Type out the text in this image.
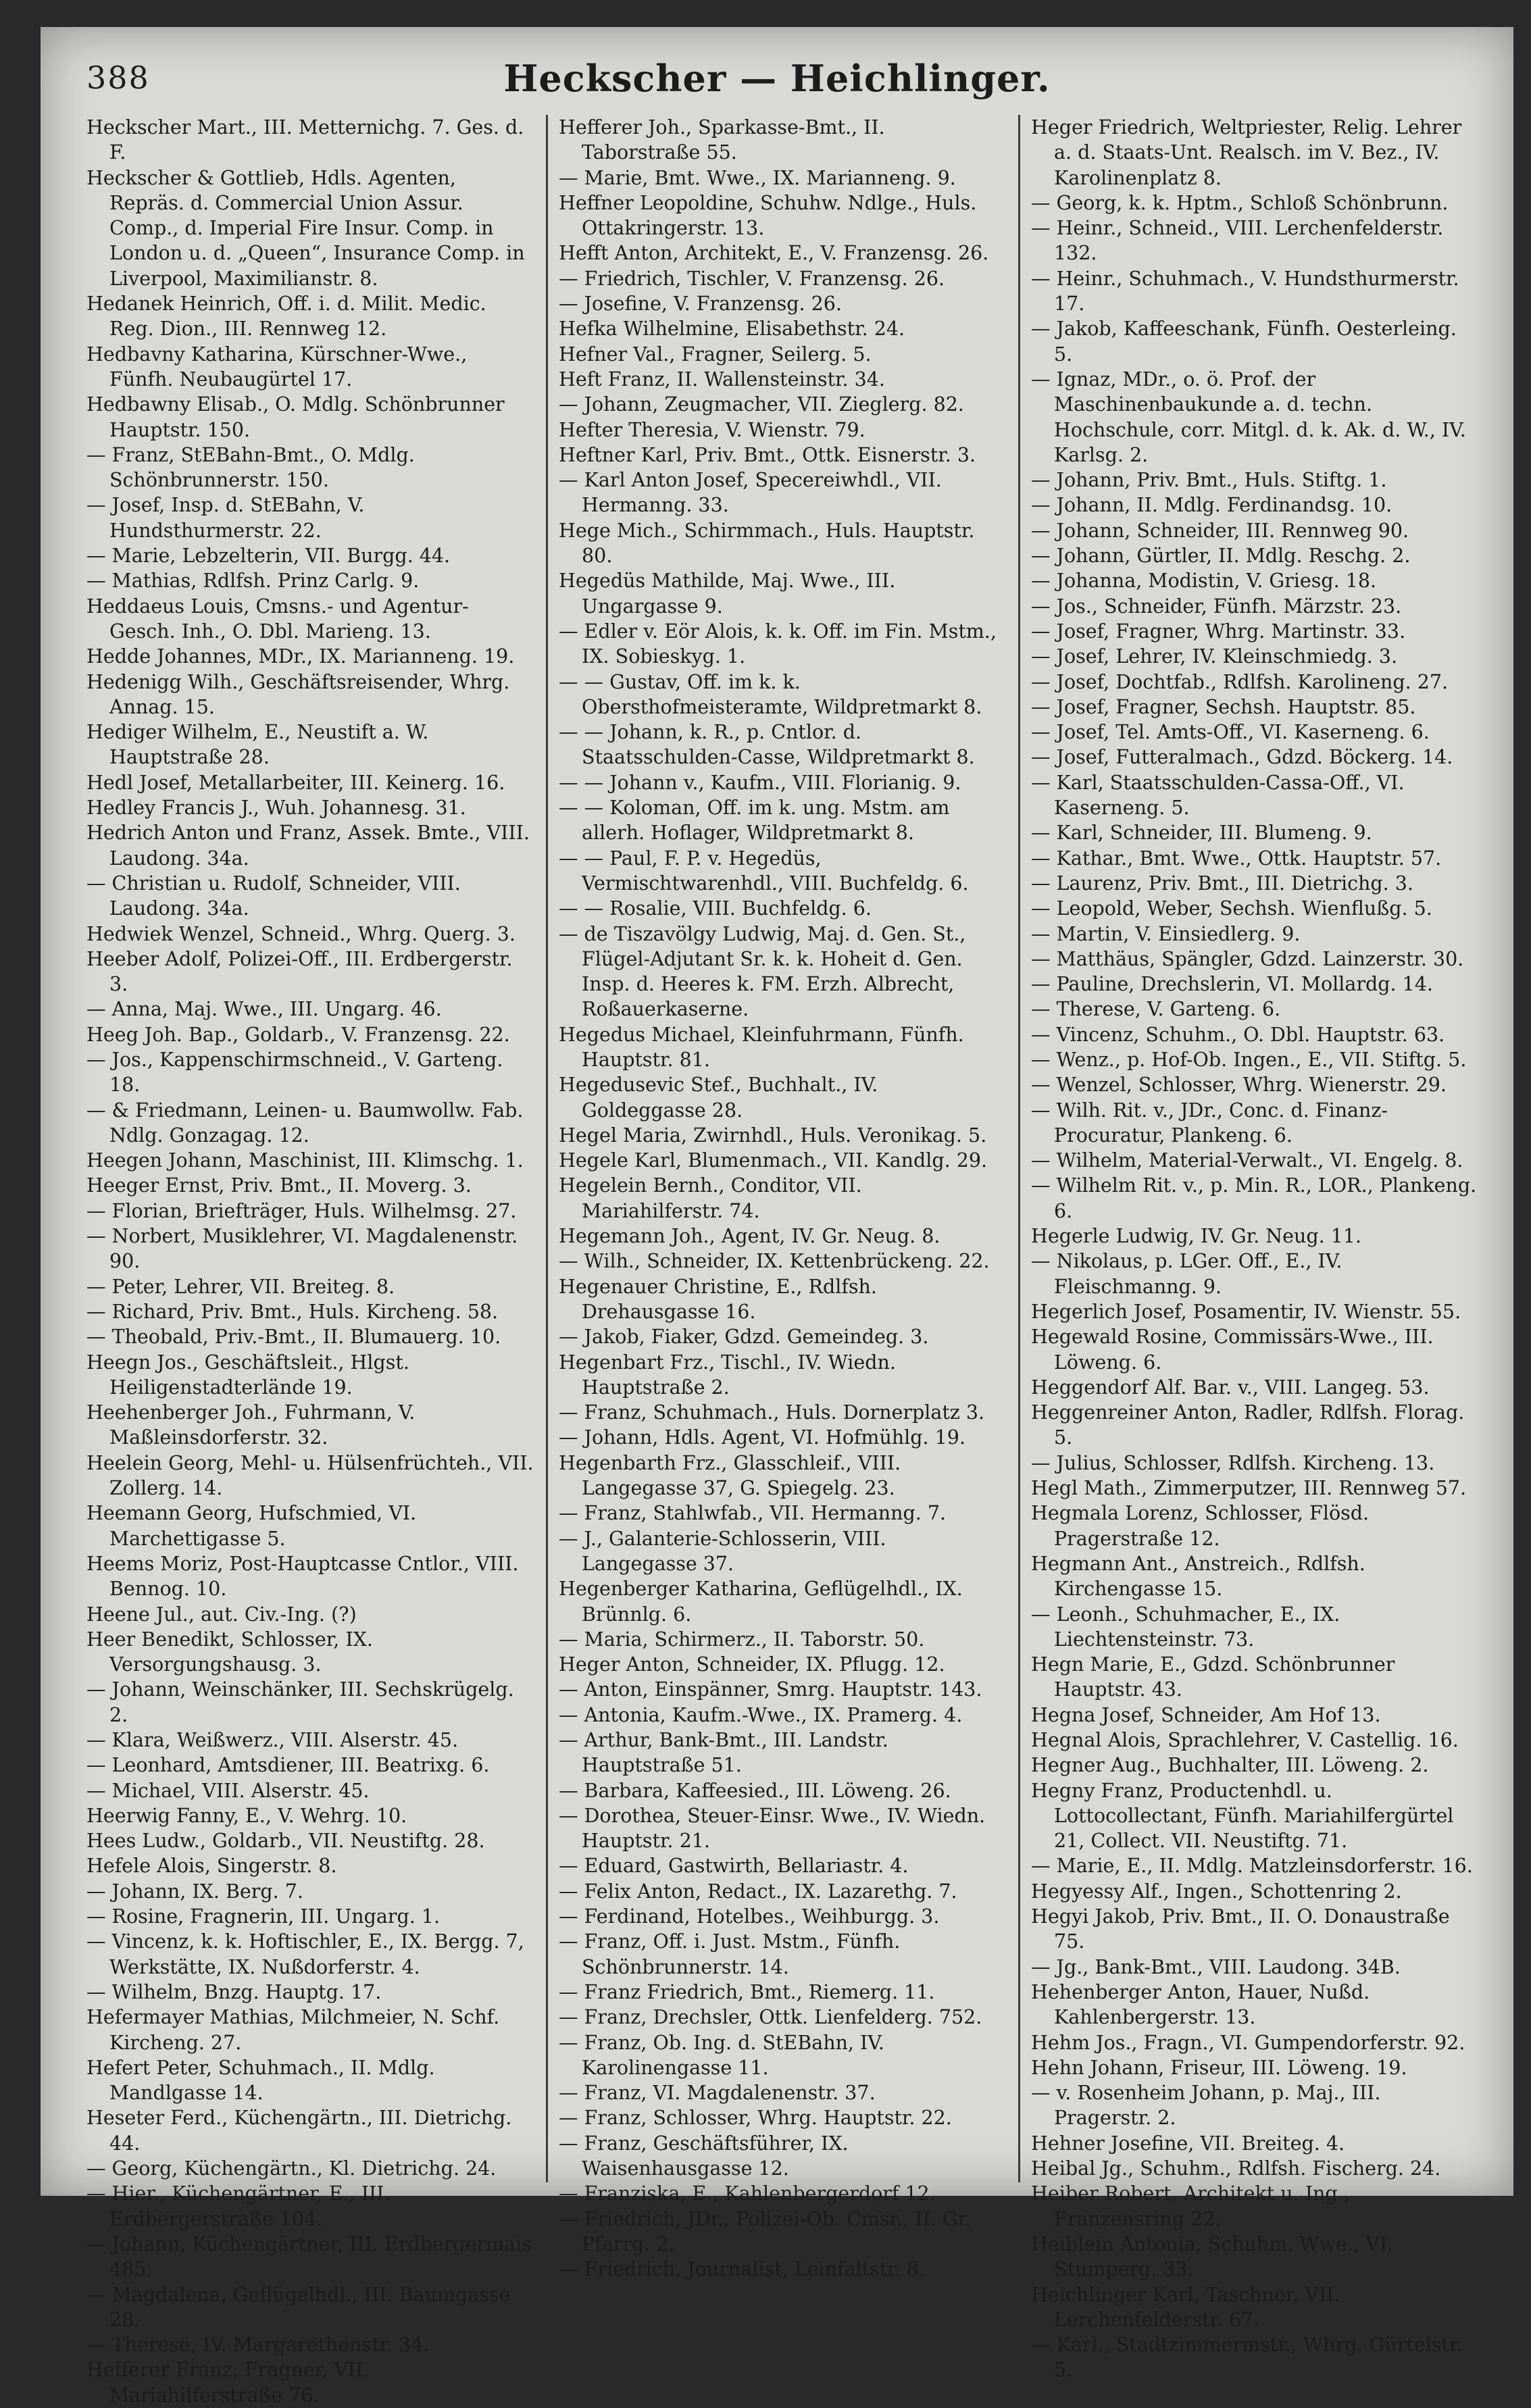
388	Heckscher — Heichlinger.

Heckscher Mart., III. Metternichg. 7. Ges. d. F.

Heckscher & Gottlieb, Hdls. Agenten, Repräs. d. Commercial Union Assur. Comp., d. Imperial Fire Insur. Comp. in London u. d. „Queen“, Insurance Comp. in Liverpool, Maximilianstr. 8.

Hedanek Heinrich, Off. i. d. Milit. Medic. Reg. Dion., III. Rennweg 12.

Hedbavny Katharina, Kürschner-Wwe., Fünfh. Neubaugürtel 17.

Hedbawny Elisab., O. Mdlg. Schönbrunner Hauptstr. 150.

— Franz, StEBahn-Bmt., O. Mdlg. Schönbrunnerstr. 150.

— Josef, Insp. d. StEBahn, V. Hundsthurmerstr. 22.

— Marie, Lebzelterin, VII. Burgg. 44.

— Mathias, Rdlfsh. Prinz Carlg. 9.

Heddaeus Louis, Cmsns.- und Agentur-Gesch. Inh., O. Dbl. Marieng. 13.

Hedde Johannes, MDr., IX. Marianneng. 19.

Hedenigg Wilh., Geschäftsreisender, Whrg. Annag. 15.

Hediger Wilhelm, E., Neustift a. W. Hauptstraße 28.

Hedl Josef, Metallarbeiter, III. Keinerg. 16.

Hedley Francis J., Wuh. Johannesg. 31.

Hedrich Anton und Franz, Assek. Bmte., VIII. Laudong. 34a.

— Christian u. Rudolf, Schneider, VIII. Laudong. 34a.

Hedwiek Wenzel, Schneid., Whrg. Querg. 3.

Heeber Adolf, Polizei-Off., III. Erdbergerstr. 3.

— Anna, Maj. Wwe., III. Ungarg. 46.

Heeg Joh. Bap., Goldarb., V. Franzensg. 22.

— Jos., Kappenschirmschneid., V. Garteng. 18.

— & Friedmann, Leinen- u. Baumwollw. Fab. Ndlg. Gonzagag. 12.

Heegen Johann, Maschinist, III. Klimschg. 1.

Heeger Ernst, Priv. Bmt., II. Moverg. 3.

— Florian, Briefträger, Huls. Wilhelmsg. 27.

— Norbert, Musiklehrer, VI. Magdalenenstr. 90.

— Peter, Lehrer, VII. Breiteg. 8.

— Richard, Priv. Bmt., Huls. Kircheng. 58.

— Theobald, Priv.-Bmt., II. Blumauerg. 10.

Heegn Jos., Geschäftsleit., Hlgst. Heiligenstadterlände 19.

Heehenberger Joh., Fuhrmann, V. Maßleinsdorferstr. 32.

Heelein Georg, Mehl- u. Hülsenfrüchteh., VII. Zollerg. 14.

Heemann Georg, Hufschmied, VI. Marchettigasse 5.

Heems Moriz, Post-Hauptcasse Cntlor., VIII. Bennog. 10.

Heene Jul., aut. Civ.-Ing. (?)

Heer Benedikt, Schlosser, IX. Versorgungshausg. 3.

— Johann, Weinschänker, III. Sechskrügelg. 2.

— Klara, Weißwerz., VIII. Alserstr. 45.

— Leonhard, Amtsdiener, III. Beatrixg. 6.

— Michael, VIII. Alserstr. 45.

Heerwig Fanny, E., V. Wehrg. 10.

Hees Ludw., Goldarb., VII. Neustiftg. 28.

Hefele Alois, Singerstr. 8.

— Johann, IX. Berg. 7.

— Rosine, Fragnerin, III. Ungarg. 1.

— Vincenz, k. k. Hoftischler, E., IX. Bergg. 7, Werkstätte, IX. Nußdorferstr. 4.

— Wilhelm, Bnzg. Hauptg. 17.

Hefermayer Mathias, Milchmeier, N. Schf. Kircheng. 27.

Hefert Peter, Schuhmach., II. Mdlg. Mandlgasse 14.

Heseter Ferd., Küchengärtn., III. Dietrichg. 44.

— Georg, Küchengärtn., Kl. Dietrichg. 24.

— Hier., Küchengärtner, E., III. Erdbergerstraße 104.

— Johann, Küchengärtner, III. Erdbergermais 485.

— Magdalena, Geflügelhdl., III. Baumgasse 28.

— Therese, IV. Margarethenstr. 34.

Hefferer Franz, Fragner, VII. Mariahilferstraße 76.

Hefferer Joh., Sparkasse-Bmt., II. Taborstraße 55.

— Marie, Bmt. Wwe., IX. Marianneng. 9.

Heffner Leopoldine, Schuhw. Ndlge., Huls. Ottakringerstr. 13.

Hefft Anton, Architekt, E., V. Franzensg. 26.

— Friedrich, Tischler, V. Franzensg. 26.

— Josefine, V. Franzensg. 26.

Hefka Wilhelmine, Elisabethstr. 24.

Hefner Val., Fragner, Seilerg. 5.

Heft Franz, II. Wallensteinstr. 34.

— Johann, Zeugmacher, VII. Zieglerg. 82.

Hefter Theresia, V. Wienstr. 79.

Heftner Karl, Priv. Bmt., Ottk. Eisnerstr. 3.

— Karl Anton Josef, Specereiwhdl., VII. Hermanng. 33.

Hege Mich., Schirmmach., Huls. Hauptstr. 80.

Hegedüs Mathilde, Maj. Wwe., III. Ungargasse 9.

— Edler v. Eör Alois, k. k. Off. im Fin. Mstm., IX. Sobieskyg. 1.

— — Gustav, Off. im k. k. Obersthofmeisteramte, Wildpretmarkt 8.

— — Johann, k. R., p. Cntlor. d. Staatsschulden-Casse, Wildpretmarkt 8.

— — Johann v., Kaufm., VIII. Florianig. 9.

— — Koloman, Off. im k. ung. Mstm. am allerh. Hoflager, Wildpretmarkt 8.

— — Paul, F. P. v. Hegedüs, Vermischtwarenhdl., VIII. Buchfeldg. 6.

— — Rosalie, VIII. Buchfeldg. 6.

— de Tiszavölgy Ludwig, Maj. d. Gen. St., Flügel-Adjutant Sr. k. k. Hoheit d. Gen. Insp. d. Heeres k. FM. Erzh. Albrecht, Roßauerkaserne.

Hegedus Michael, Kleinfuhrmann, Fünfh. Hauptstr. 81.

Hegedusevic Stef., Buchhalt., IV. Goldeggasse 28.

Hegel Maria, Zwirnhdl., Huls. Veronikag. 5.

Hegele Karl, Blumenmach., VII. Kandlg. 29.

Hegelein Bernh., Conditor, VII. Mariahilferstr. 74.

Hegemann Joh., Agent, IV. Gr. Neug. 8.

— Wilh., Schneider, IX. Kettenbrückeng. 22.

Hegenauer Christine, E., Rdlfsh. Drehausgasse 16.

— Jakob, Fiaker, Gdzd. Gemeindeg. 3.

Hegenbart Frz., Tischl., IV. Wiedn. Hauptstraße 2.

— Franz, Schuhmach., Huls. Dornerplatz 3.

— Johann, Hdls. Agent, VI. Hofmühlg. 19.

Hegenbarth Frz., Glasschleif., VIII. Langegasse 37, G. Spiegelg. 23.

— Franz, Stahlwfab., VII. Hermanng. 7.

— J., Galanterie-Schlosserin, VIII. Langegasse 37.

Hegenberger Katharina, Geflügelhdl., IX. Brünnlg. 6.

— Maria, Schirmerz., II. Taborstr. 50.

Heger Anton, Schneider, IX. Pflugg. 12.

— Anton, Einspänner, Smrg. Hauptstr. 143.

— Antonia, Kaufm.-Wwe., IX. Pramerg. 4.

— Arthur, Bank-Bmt., III. Landstr. Hauptstraße 51.

— Barbara, Kaffeesied., III. Löweng. 26.

— Dorothea, Steuer-Einsr. Wwe., IV. Wiedn. Hauptstr. 21.

— Eduard, Gastwirth, Bellariastr. 4.

— Felix Anton, Redact., IX. Lazarethg. 7.

— Ferdinand, Hotelbes., Weihburgg. 3.

— Franz, Off. i. Just. Mstm., Fünfh. Schönbrunnerstr. 14.

— Franz Friedrich, Bmt., Riemerg. 11.

— Franz, Drechsler, Ottk. Lienfelderg. 752.

— Franz, Ob. Ing. d. StEBahn, IV. Karolinengasse 11.

— Franz, VI. Magdalenenstr. 37.

— Franz, Schlosser, Whrg. Hauptstr. 22.

— Franz, Geschäftsführer, IX. Waisenhausgasse 12.

— Franziska, E., Kahlenbergerdorf 12.

— Friedrich, JDr., Polizei-Ob. Cmsr., II. Gr. Pfarrg. 2.

— Friedrich, Journalist, Leinfaltstr. 8.

Heger Friedrich, Weltpriester, Relig. Lehrer a. d. Staats-Unt. Realsch. im V. Bez., IV. Karolinenplatz 8.

— Georg, k. k. Hptm., Schloß Schönbrunn.

— Heinr., Schneid., VIII. Lerchenfelderstr. 132.

— Heinr., Schuhmach., V. Hundsthurmerstr. 17.

— Jakob, Kaffeeschank, Fünfh. Oesterleing. 5.

— Ignaz, MDr., o. ö. Prof. der Maschinenbaukunde a. d. techn. Hochschule, corr. Mitgl. d. k. Ak. d. W., IV. Karlsg. 2.

— Johann, Priv. Bmt., Huls. Stiftg. 1.

— Johann, II. Mdlg. Ferdinandsg. 10.

— Johann, Schneider, III. Rennweg 90.

— Johann, Gürtler, II. Mdlg. Reschg. 2.

— Johanna, Modistin, V. Griesg. 18.

— Jos., Schneider, Fünfh. Märzstr. 23.

— Josef, Fragner, Whrg. Martinstr. 33.

— Josef, Lehrer, IV. Kleinschmiedg. 3.

— Josef, Dochtfab., Rdlfsh. Karolineng. 27.

— Josef, Fragner, Sechsh. Hauptstr. 85.

— Josef, Tel. Amts-Off., VI. Kaserneng. 6.

— Josef, Futteralmach., Gdzd. Böckerg. 14.

— Karl, Staatsschulden-Cassa-Off., VI. Kaserneng. 5.

— Karl, Schneider, III. Blumeng. 9.

— Kathar., Bmt. Wwe., Ottk. Hauptstr. 57.

— Laurenz, Priv. Bmt., III. Dietrichg. 3.

— Leopold, Weber, Sechsh. Wienflußg. 5.

— Martin, V. Einsiedlerg. 9.

— Matthäus, Spängler, Gdzd. Lainzerstr. 30.

— Pauline, Drechslerin, VI. Mollardg. 14.

— Therese, V. Garteng. 6.

— Vincenz, Schuhm., O. Dbl. Hauptstr. 63.

— Wenz., p. Hof-Ob. Ingen., E., VII. Stiftg. 5.

— Wenzel, Schlosser, Whrg. Wienerstr. 29.

— Wilh. Rit. v., JDr., Conc. d. Finanz-Procuratur, Plankeng. 6.

— Wilhelm, Material-Verwalt., VI. Engelg. 8.

— Wilhelm Rit. v., p. Min. R., LOR., Plankeng. 6.

Hegerle Ludwig, IV. Gr. Neug. 11.

— Nikolaus, p. LGer. Off., E., IV. Fleischmanng. 9.

Hegerlich Josef, Posamentir, IV. Wienstr. 55.

Hegewald Rosine, Commissärs-Wwe., III. Löweng. 6.

Heggendorf Alf. Bar. v., VIII. Langeg. 53.

Heggenreiner Anton, Radler, Rdlfsh. Florag. 5.

— Julius, Schlosser, Rdlfsh. Kircheng. 13.

Hegl Math., Zimmerputzer, III. Rennweg 57.

Hegmala Lorenz, Schlosser, Flösd. Pragerstraße 12.

Hegmann Ant., Anstreich., Rdlfsh. Kirchengasse 15.

— Leonh., Schuhmacher, E., IX. Liechtensteinstr. 73.

Hegn Marie, E., Gdzd. Schönbrunner Hauptstr. 43.

Hegna Josef, Schneider, Am Hof 13.

Hegnal Alois, Sprachlehrer, V. Castellig. 16.

Hegner Aug., Buchhalter, III. Löweng. 2.

Hegny Franz, Productenhdl. u. Lottocollectant, Fünfh. Mariahilfergürtel 21, Collect. VII. Neustiftg. 71.

— Marie, E., II. Mdlg. Matzleinsdorferstr. 16.

Hegyessy Alf., Ingen., Schottenring 2.

Hegyi Jakob, Priv. Bmt., II. O. Donaustraße 75.

— Jg., Bank-Bmt., VIII. Laudong. 34B.

Hehenberger Anton, Hauer, Nußd. Kahlenbergerstr. 13.

Hehm Jos., Fragn., VI. Gumpendorferstr. 92.

Hehn Johann, Friseur, III. Löweng. 19.

— v. Rosenheim Johann, p. Maj., III. Pragerstr. 2.

Hehner Josefine, VII. Breiteg. 4.

Heibal Jg., Schuhm., Rdlfsh. Fischerg. 24.

Heiber Robert, Architekt u. Ing., Franzensring 22.

Heiblein Antonia, Schuhm. Wwe., VI. Stumperg. 33.

Heichlinger Karl, Taschner, VII. Lerchenfelderstr. 67.

— Karl., Stadtzimmermstr., Whrg. Gürtelstr. 5.
